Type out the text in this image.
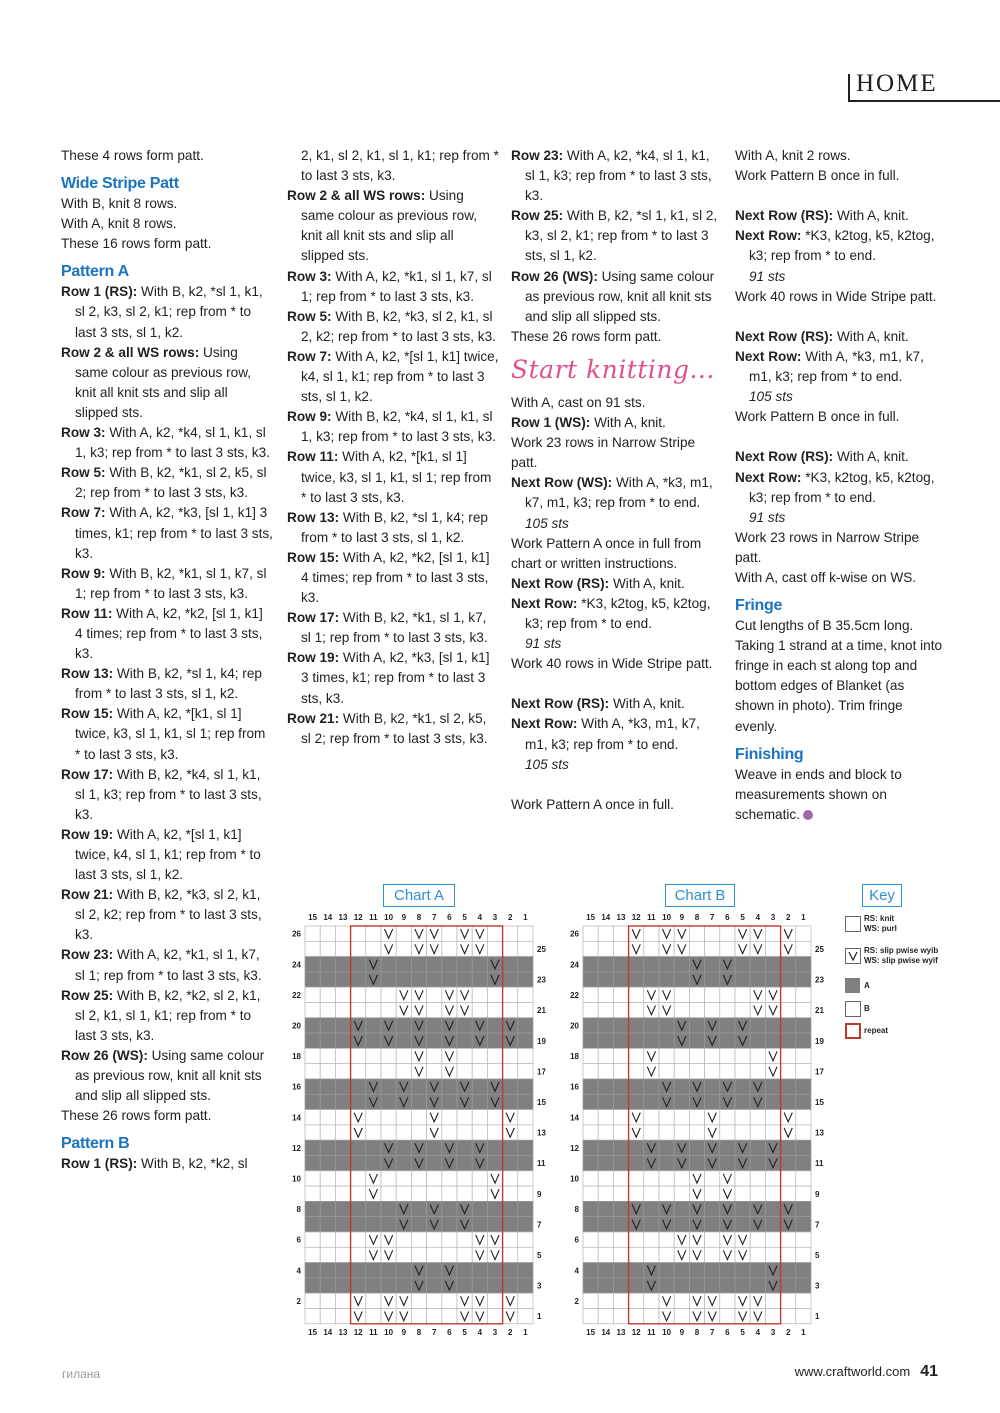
HOME

These 4 rows form patt.

Wide Stripe Patt

With B, knit 8 rows.

With A, knit 8 rows.

These 16 rows form patt.

Pattern A

Row 1 (RS): With B, k2, *sl 1, k1, sl 2, k3, sl 2, k1; rep from * to last 3 sts, sl 1, k2.

Row 2 & all WS rows: Using same colour as previous row, knit all knit sts and slip all slipped sts.

Row 3: With A, k2, *k4, sl 1, k1, sl 1, k3; rep from * to last 3 sts, k3.

Row 5: With B, k2, *k1, sl 2, k5, sl 2; rep from * to last 3 sts, k3.

Row 7: With A, k2, *k3, [sl 1, k1] 3 times, k1; rep from * to last 3 sts, k3.

Row 9: With B, k2, *k1, sl 1, k7, sl 1; rep from * to last 3 sts, k3.

Row 11: With A, k2, *k2, [sl 1, k1] 4 times; rep from * to last 3 sts, k3.

Row 13: With B, k2, *sl 1, k4; rep from * to last 3 sts, sl 1, k2.

Row 15: With A, k2, *[k1, sl 1] twice, k3, sl 1, k1, sl 1; rep from * to last 3 sts, k3.

Row 17: With B, k2, *k4, sl 1, k1, sl 1, k3; rep from * to last 3 sts, k3.

Row 19: With A, k2, *[sl 1, k1] twice, k4, sl 1, k1; rep from * to last 3 sts, sl 1, k2.

Row 21: With B, k2, *k3, sl 2, k1, sl 2, k2; rep from * to last 3 sts, k3.

Row 23: With A, k2, *k1, sl 1, k7, sl 1; rep from * to last 3 sts, k3.

Row 25: With B, k2, *k2, sl 2, k1, sl 2, k1, sl 1, k1; rep from * to last 3 sts, k3.

Row 26 (WS): Using same colour as previous row, knit all knit sts and slip all slipped sts.

These 26 rows form patt.

Pattern B

Row 1 (RS): With B, k2, *k2, sl

2, k1, sl 2, k1, sl 1, k1; rep from * to last 3 sts, k3.

Row 2 & all WS rows: Using same colour as previous row, knit all knit sts and slip all slipped sts.

Row 3: With A, k2, *k1, sl 1, k7, sl 1; rep from * to last 3 sts, k3.

Row 5: With B, k2, *k3, sl 2, k1, sl 2, k2; rep from * to last 3 sts, k3.

Row 7: With A, k2, *[sl 1, k1] twice, k4, sl 1, k1; rep from * to last 3 sts, sl 1, k2.

Row 9: With B, k2, *k4, sl 1, k1, sl 1, k3; rep from * to last 3 sts, k3.

Row 11: With A, k2, *[k1, sl 1] twice, k3, sl 1, k1, sl 1; rep from * to last 3 sts, k3.

Row 13: With B, k2, *sl 1, k4; rep from * to last 3 sts, sl 1, k2.

Row 15: With A, k2, *k2, [sl 1, k1] 4 times; rep from * to last 3 sts, k3.

Row 17: With B, k2, *k1, sl 1, k7, sl 1; rep from * to last 3 sts, k3.

Row 19: With A, k2, *k3, [sl 1, k1] 3 times, k1; rep from * to last 3 sts, k3.

Row 21: With B, k2, *k1, sl 2, k5, sl 2; rep from * to last 3 sts, k3.

Row 23: With A, k2, *k4, sl 1, k1, sl 1, k3; rep from * to last 3 sts, k3.

Row 25: With B, k2, *sl 1, k1, sl 2, k3, sl 2, k1; rep from * to last 3 sts, sl 1, k2.

Row 26 (WS): Using same colour as previous row, knit all knit sts and slip all slipped sts.

These 26 rows form patt.

Start knitting...

With A, cast on 91 sts.

Row 1 (WS): With A, knit.

Work 23 rows in Narrow Stripe patt.

Next Row (WS): With A, *k3, m1, k7, m1, k3; rep from * to end. 105 sts

Work Pattern A once in full from chart or written instructions.

Next Row (RS): With A, knit.

Next Row: *K3, k2tog, k5, k2tog, k3; rep from * to end.
91 sts

Work 40 rows in Wide Stripe patt.

Next Row (RS): With A, knit.

Next Row: With A, *k3, m1, k7, m1, k3; rep from * to end.
105 sts

Work Pattern A once in full.

With A, knit 2 rows.

Work Pattern B once in full.

Next Row (RS): With A, knit.

Next Row: *K3, k2tog, k5, k2tog, k3; rep from * to end.
91 sts

Work 40 rows in Wide Stripe patt.

Next Row (RS): With A, knit.

Next Row: With A, *k3, m1, k7, m1, k3; rep from * to end.
105 sts

Work Pattern B once in full.

Next Row (RS): With A, knit.

Next Row: *K3, k2tog, k5, k2tog, k3; rep from * to end.
91 sts

Work 23 rows in Narrow Stripe patt.

With A, cast off k-wise on WS.

Fringe

Cut lengths of B 35.5cm long. Taking 1 strand at a time, knot into fringe in each st along top and bottom edges of Blanket (as shown in photo). Trim fringe evenly.

Finishing

Weave in ends and block to measurements shown on schematic.

Chart A	Chart B	Key
15
15
14
14
13
13
12
12
11
11
10
10
9
9
8
8
7
7
6
6
5
5
4
4
3
3
2
2
1
1
26
25
24
23
22
21
20
19
18
17
16
15
14
13
12
11
10
9
8
7
6
5
4
3
2
1
15
15
14
14
13
13
12
12
11
11
10
10
9
9
8
8
7
7
6
6
5
5
4
4
3
3
2
2
1
1
26
25
24
23
22
21
20
19
18
17
16
15
14
13
12
11
10
9
8
7
6
5
4
3
2
1
RS: knit
WS: purl
RS: slip pwise wyib
WS: slip pwise wyif
A
B
repeat
гилана	www.craftworld.com 41
